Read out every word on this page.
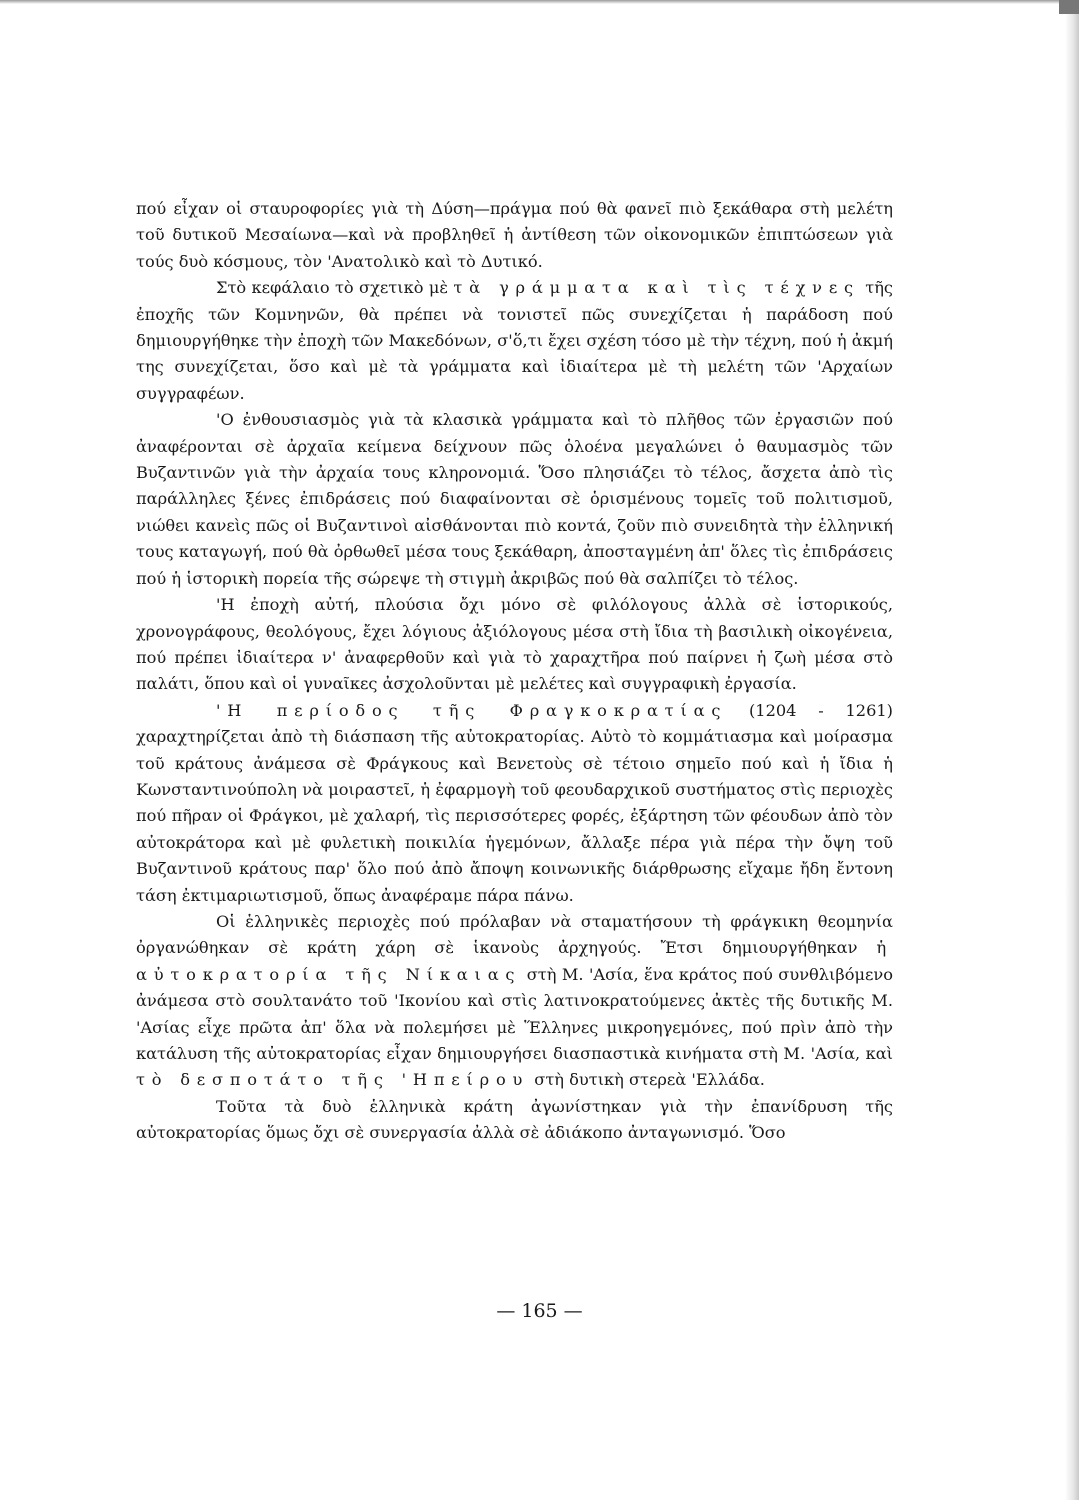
πού εἶχαν οἱ σταυροφορίες γιὰ τὴ Δύση—πράγμα πού θὰ φανεῖ πιὸ ξεκάθαρα στὴ μελέτη τοῦ δυτικοῦ Μεσαίωνα—καὶ νὰ προβληθεῖ ἡ ἀντίθεση τῶν οἰκονομικῶν ἐπιπτώσεων γιὰ τούς δυὸ κόσμους, τὸν 'Ανατολικὸ καὶ τὸ Δυτικό.

Στὸ κεφάλαιο τὸ σχετικὸ μὲ τὰ γράμματα καὶ τὶς τέχνες τῆς ἐποχῆς τῶν Κομνηνῶν, θὰ πρέπει νὰ τονιστεῖ πῶς συνεχίζεται ἡ παράδοση πού δημιουργήθηκε τὴν ἐποχὴ τῶν Μακεδόνων, σ'ὅ,τι ἔχει σχέση τόσο μὲ τὴν τέχνη, πού ἡ ἀκμή της συνεχίζεται, ὅσο καὶ μὲ τὰ γράμματα καὶ ἰδιαίτερα μὲ τὴ μελέτη τῶν 'Αρχαίων συγγραφέων.

'Ο ἐνθουσιασμὸς γιὰ τὰ κλασικὰ γράμματα καὶ τὸ πλῆθος τῶν ἐργασιῶν πού ἀναφέρονται σὲ ἀρχαῖα κείμενα δείχνουν πῶς ὁλοένα μεγαλώνει ὁ θαυμασμὸς τῶν Βυζαντινῶν γιὰ τὴν ἀρχαία τους κληρονομιά. Ὅσο πλησιάζει τὸ τέλος, ἄσχετα ἀπὸ τὶς παράλληλες ξένες ἐπιδράσεις πού διαφαίνονται σὲ ὁρισμένους τομεῖς τοῦ πολιτισμοῦ, νιώθει κανεὶς πῶς οἱ Βυζαντινοὶ αἰσθάνονται πιὸ κοντά, ζοῦν πιὸ συνειδητὰ τὴν ἑλληνική τους καταγωγή, πού θὰ ὀρθωθεῖ μέσα τους ξεκάθαρη, ἀποσταγμένη ἀπ' ὅλες τὶς ἐπιδράσεις πού ἡ ἱστορικὴ πορεία τῆς σώρεψε τὴ στιγμὴ ἀκριβῶς πού θὰ σαλπίζει τὸ τέλος.

'Η ἐποχὴ αὐτή, πλούσια ὄχι μόνο σὲ φιλόλογους ἀλλὰ σὲ ἱστορικούς, χρονογράφους, θεολόγους, ἔχει λόγιους ἀξιόλογους μέσα στὴ ἴδια τὴ βασιλικὴ οἰκογένεια, πού πρέπει ἰδιαίτερα ν' ἀναφερθοῦν καὶ γιὰ τὸ χαραχτῆρα πού παίρνει ἡ ζωὴ μέσα στὸ παλάτι, ὅπου καὶ οἱ γυναῖκες ἀσχολοῦνται μὲ μελέτες καὶ συγγραφικὴ ἐργασία.

'Η περίοδος τῆς Φραγκοκρατίας (1204 - 1261) χαραχτηρίζεται ἀπὸ τὴ διάσπαση τῆς αὐτοκρατορίας. Αὐτὸ τὸ κομμάτιασμα καὶ μοίρασμα τοῦ κράτους ἀνάμεσα σὲ Φράγκους καὶ Βενετοὺς σὲ τέτοιο σημεῖο πού καὶ ἡ ἴδια ἡ Κωνσταντινούπολη νὰ μοιραστεῖ, ἡ ἐφαρμογὴ τοῦ φεουδαρχικοῦ συστήματος στὶς περιοχὲς πού πῆραν οἱ Φράγκοι, μὲ χαλαρή, τὶς περισσότερες φορές, ἐξάρτηση τῶν φέουδων ἀπὸ τὸν αὐτοκράτορα καὶ μὲ φυλετικὴ ποικιλία ἡγεμόνων, ἄλλαξε πέρα γιὰ πέρα τὴν ὄψη τοῦ Βυζαντινοῦ κράτους παρ' ὅλο πού ἀπὸ ἄποψη κοινωνικῆς διάρθρωσης εἴχαμε ἤδη ἔντονη τάση ἐκτιμαριωτισμοῦ, ὅπως ἀναφέραμε πάρα πάνω.

Οἱ ἑλληνικὲς περιοχὲς πού πρόλαβαν νὰ σταματήσουν τὴ φράγκικη θεομηνία ὀργανώθηκαν σὲ κράτη χάρη σὲ ἱκανοὺς ἀρχηγούς. Ἔτσι δημιουργήθηκαν ἡ αὐτοκρατορία τῆς Νίκαιας στὴ Μ. 'Ασία, ἕνα κράτος πού συνθλιβόμενο ἀνάμεσα στὸ σουλτανάτο τοῦ 'Ικονίου καὶ στὶς λατινοκρατούμενες ἀκτὲς τῆς δυτικῆς Μ. 'Ασίας εἶχε πρῶτα ἀπ' ὅλα νὰ πολεμήσει μὲ Ἕλληνες μικροηγεμόνες, πού πρὶν ἀπὸ τὴν κατάλυση τῆς αὐτοκρατορίας εἶχαν δημιουργήσει διασπαστικὰ κινήματα στὴ Μ. 'Ασία, καὶ τὸ δεσποτάτο τῆς 'Ηπείρου στὴ δυτικὴ στερεὰ 'Ελλάδα.

Τοῦτα τὰ δυὸ ἑλληνικὰ κράτη ἀγωνίστηκαν γιὰ τὴν ἐπανίδρυση τῆς αὐτοκρατορίας ὅμως ὄχι σὲ συνεργασία ἀλλὰ σὲ ἀδιάκοπο ἀνταγωνισμό. Ὅσο

— 165 —
